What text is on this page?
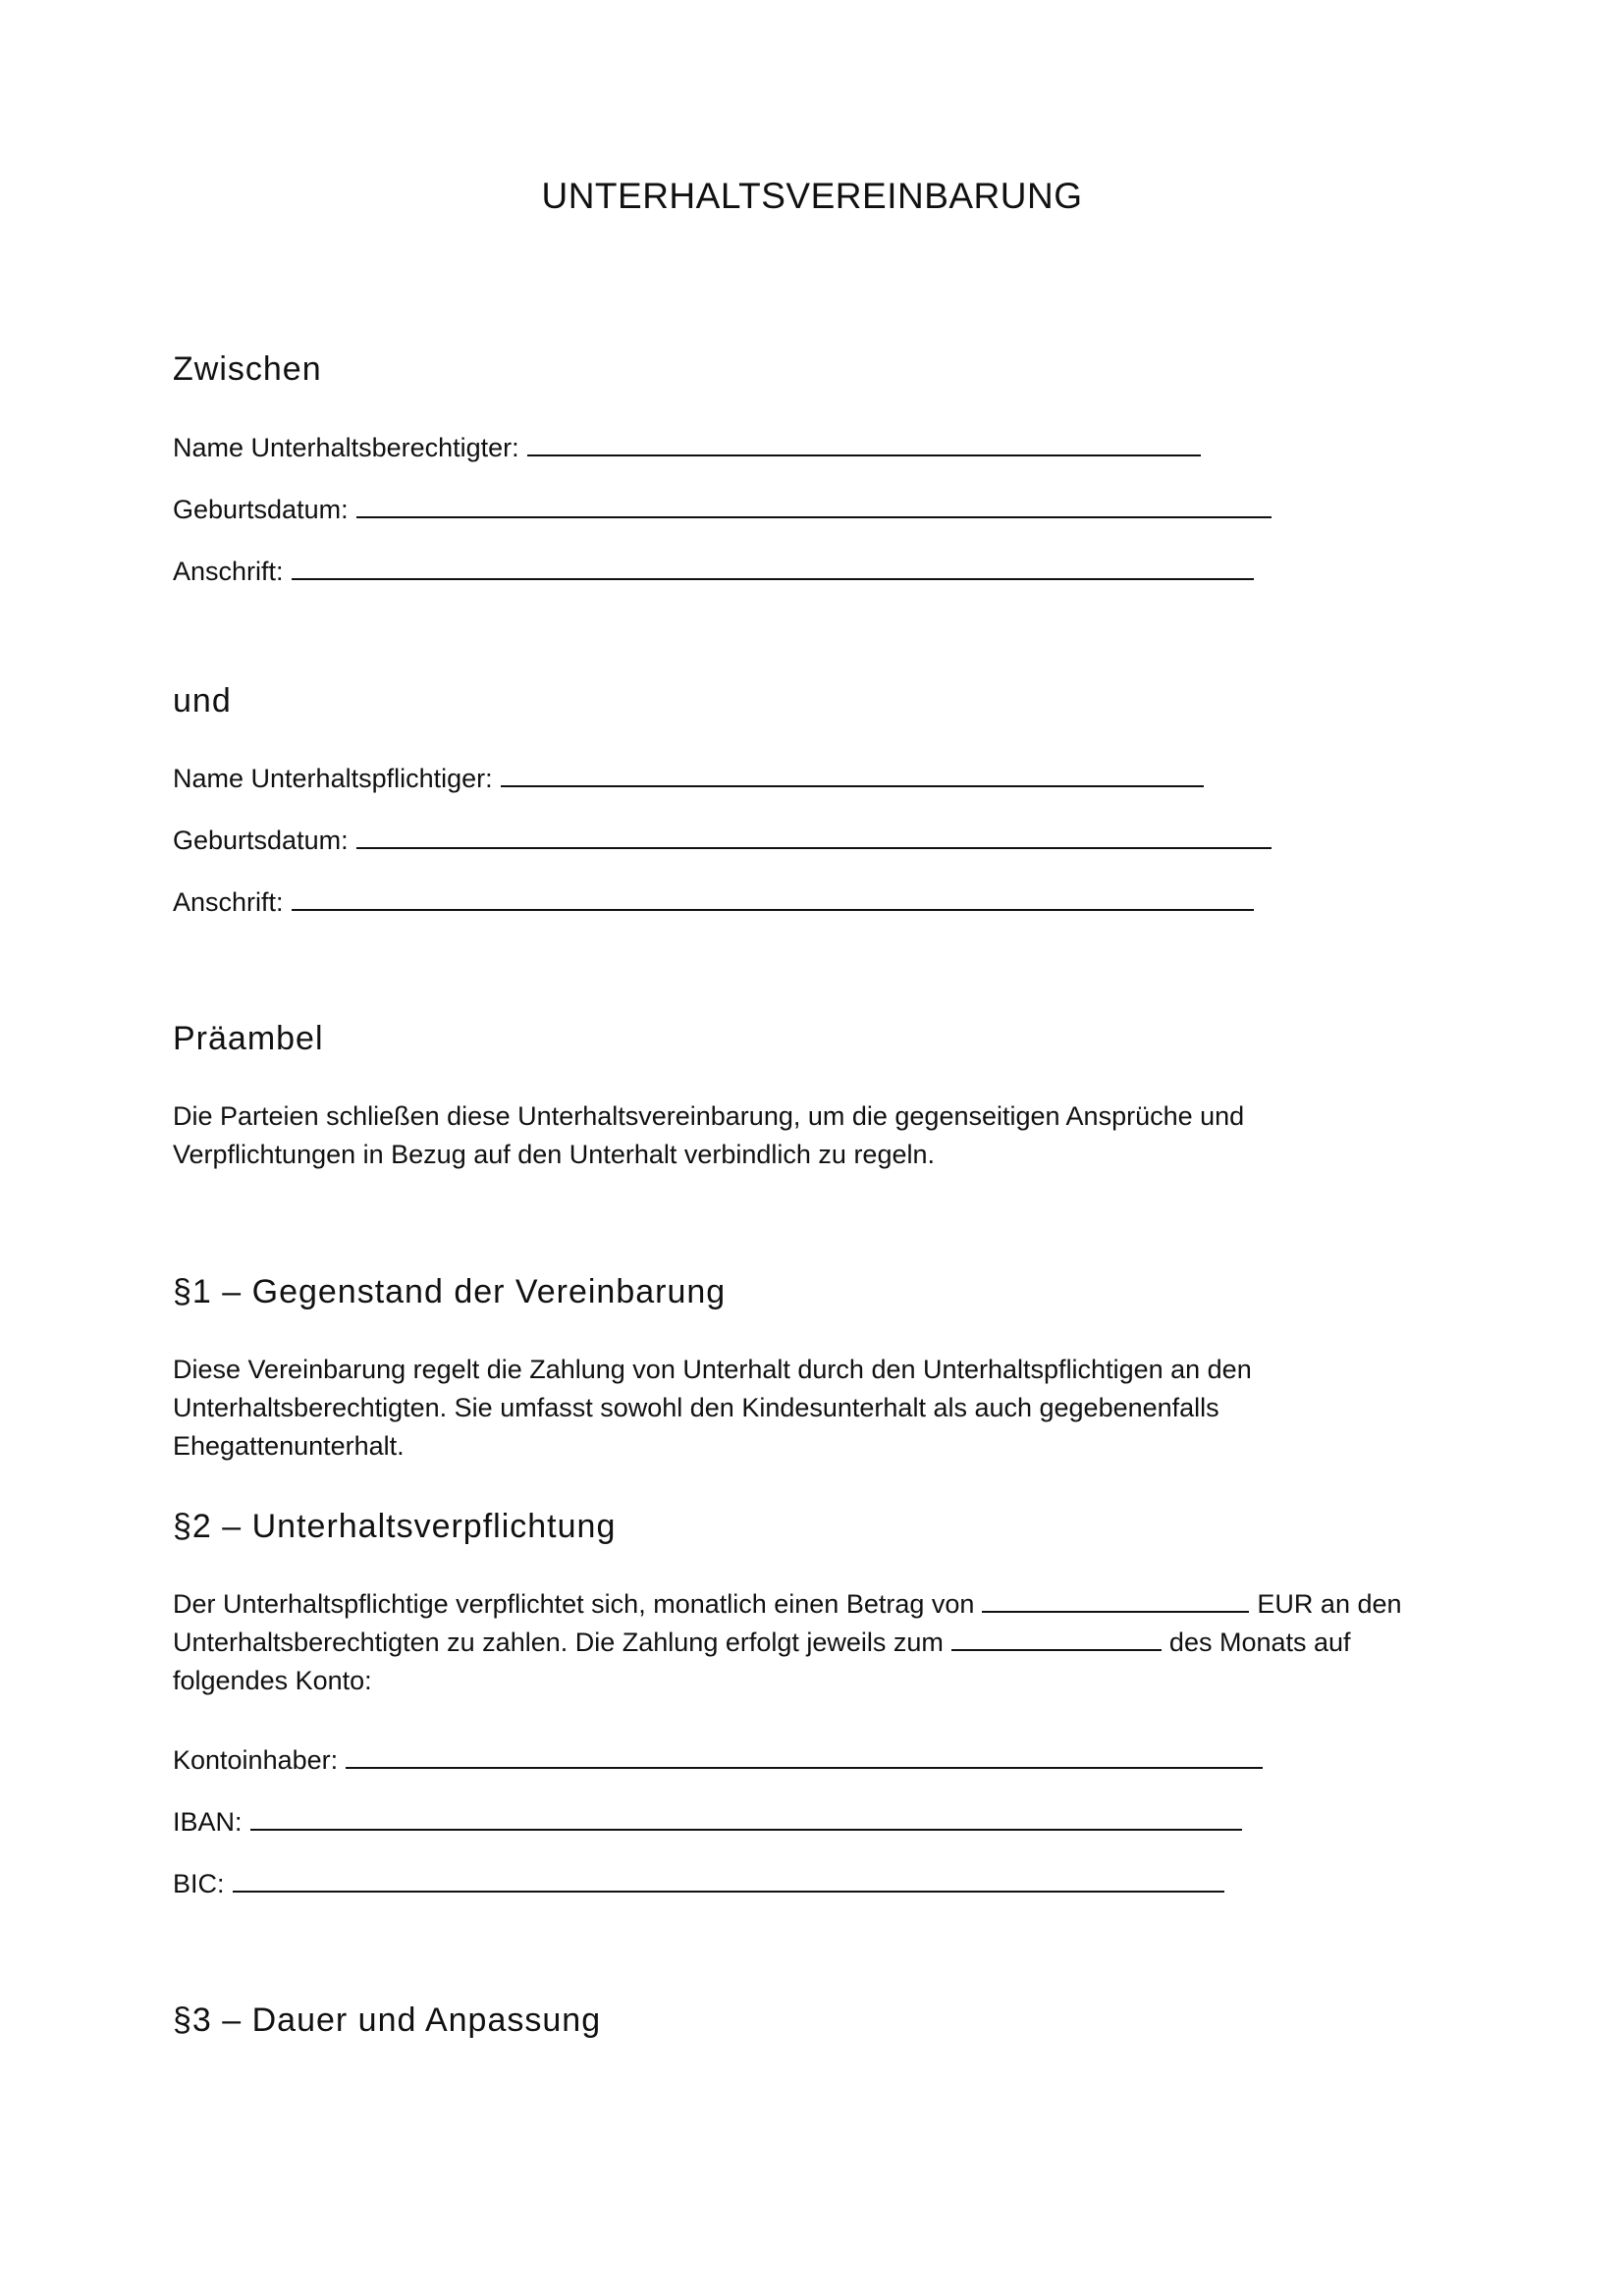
UNTERHALTSVEREINBARUNG
Zwischen
Name Unterhaltsberechtigter:
Geburtsdatum:
Anschrift:
und
Name Unterhaltspflichtiger:
Geburtsdatum:
Anschrift:
Präambel
Die Parteien schließen diese Unterhaltsvereinbarung, um die gegenseitigen Ansprüche und
Verpflichtungen in Bezug auf den Unterhalt verbindlich zu regeln.
§1 – Gegenstand der Vereinbarung
Diese Vereinbarung regelt die Zahlung von Unterhalt durch den Unterhaltspflichtigen an den
Unterhaltsberechtigten. Sie umfasst sowohl den Kindesunterhalt als auch gegebenenfalls
Ehegattenunterhalt.
§2 – Unterhaltsverpflichtung
Der Unterhaltspflichtige verpflichtet sich, monatlich einen Betrag von	EUR an den
Unterhaltsberechtigten zu zahlen. Die Zahlung erfolgt jeweils zum	des Monats auf
folgendes Konto:
Kontoinhaber:
IBAN:
BIC:
§3 – Dauer und Anpassung
